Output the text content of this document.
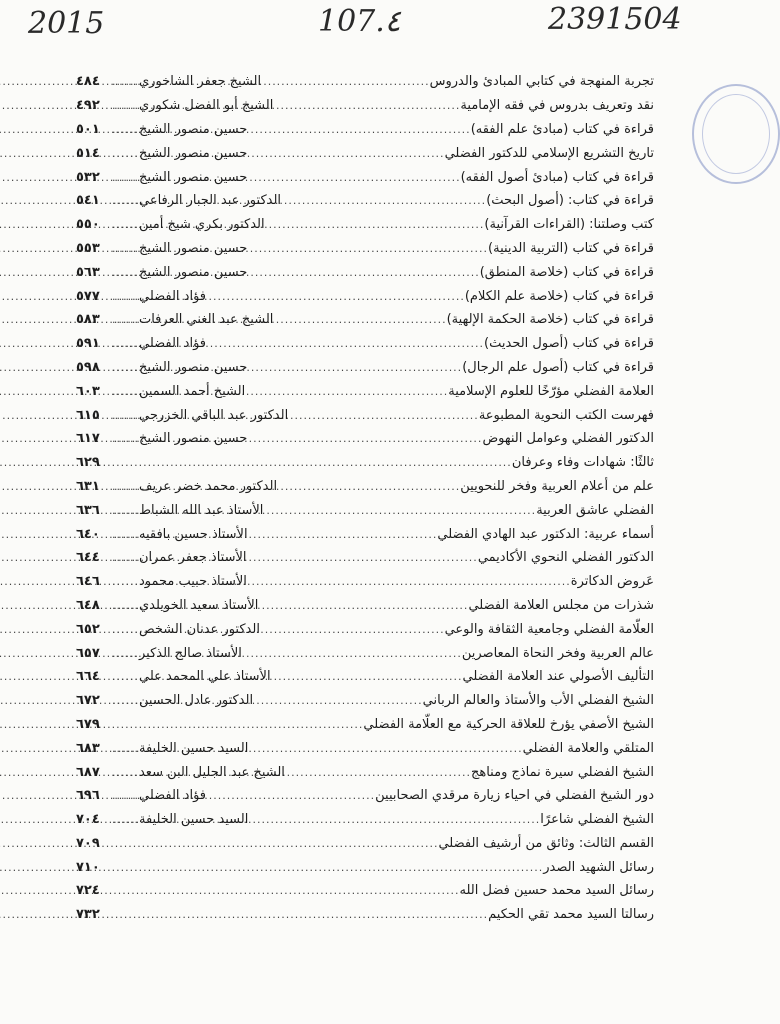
2015	107.٤	2391504
تجربة المنهجة في كتابي المبادئ والدروس
.....
الشيخ جعفر الشاخوري
......
٤٨٤
نقد وتعريف بدروس في فقه الإمامية
.....
الشيخ أبو الفضل شكوري
......
٤٩٢
قراءة في كتاب (مبادئ علم الفقه)
.....
حسين منصور الشيخ
......
٥٠١
تاريخ التشريع الإسلامي للدكتور الفضلي
.....
حسين منصور الشيخ
......
٥١٤
قراءة في كتاب (مبادئ أصول الفقه)
.....
حسين منصور الشيخ
......
٥٣٢
قراءة في كتاب: (أصول البحث)
.....
الدكتور عبد الجبار الرفاعي
......
٥٤١
كتب وصلتنا: (القراءات القرآنية)
.....
الدكتور بكري شيخ أمين
......
٥٥٠
قراءة في كتاب (التربية الدينية)
.....
حسين منصور الشيخ
......
٥٥٣
قراءة في كتاب (خلاصة المنطق)
.....
حسين منصور الشيخ
......
٥٦٣
قراءة في كتاب (خلاصة علم الكلام)
.....
فؤاد الفضلي
......
٥٧٧
قراءة في كتاب (خلاصة الحكمة الإلهية)
.....
الشيخ عبد الغني العرفات
......
٥٨٣
قراءة في كتاب (أصول الحديث)
.....
فؤاد الفضلي
......
٥٩١
قراءة في كتاب (أصول علم الرجال)
.....
حسين منصور الشيخ
......
٥٩٨
العلامة الفضلي مؤرّخًا للعلوم الإسلامية
.....
الشيخ أحمد السمين
......
٦٠٣
فهرست الكتب النحوية المطبوعة
.....
الدكتور عبد الباقي الخزرجي
......
٦١٥
الدكتور الفضلي وعوامل النهوض
.....
حسين منصور الشيخ
......
٦١٧
ثالثًا: شهادات وفاء وعرفان
.....
٦٢٩
علم من أعلام العربية وفخر للنحويين
.....
الدكتور محمد خضر عريف
......
٦٣١
الفضلي عاشق العربية
.....
الأستاذ عبد الله الشباط
......
٦٣٦
أسماء عربية: الدكتور عبد الهادي الفضلي
.....
الأستاذ حسين بافقيه
......
٦٤٠
الدكتور الفضلي النحوي الأكاديمي
.....
الأستاذ جعفر عمران
......
٦٤٤
عَروض الدكاترة
.....
الأستاذ حبيب محمود
......
٦٤٦
شذرات من مجلس العلامة الفضلي
.....
الأستاذ سعيد الخويلدي
......
٦٤٨
العلّامة الفضلي وجامعية الثقافة والوعي
.....
الدكتور عدنان الشخص
......
٦٥٢
عالم العربية وفخر النحاة المعاصرين
.....
الأستاذ صالح الذكير
......
٦٥٧
التأليف الأصولي عند العلامة الفضلي
.....
الأستاذ علي المحمد علي
......
٦٦٤
الشيخ الفضلي الأب والأستاذ والعالم الرباني
.....
الدكتور عادل الحسين
......
٦٧٢
الشيخ الأصفي يؤرخ للعلاقة الحركية مع العلّامة الفضلي
.....
٦٧٩
المتلقي والعلامة الفضلي
.....
السيد حسين الخليفة
......
٦٨٣
الشيخ الفضلي سيرة نماذج ومناهج
.....
الشيخ عبد الجليل البن سعد
......
٦٨٧
دور الشيخ الفضلي في احياء زيارة مرقدي الصحابيين
.....
فؤاد الفضلي
......
٦٩٦
الشيخ الفضلي شاعرًا
.....
السيد حسين الخليفة
......
٧٠٤
القسم الثالث: وثائق من أرشيف الفضلي
.....
٧٠٩
رسائل الشهيد الصدر
.....
٧١٠
رسائل السيد محمد حسين فضل الله
.....
٧٢٤
رسالتا السيد محمد تقي الحكيم
.....
٧٣٢
